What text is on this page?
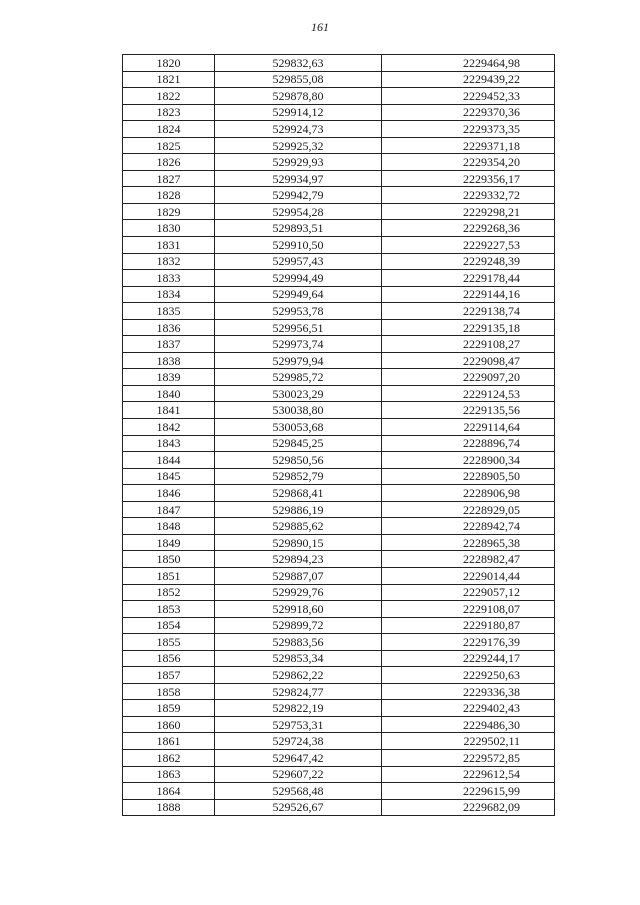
161
1820	529832,63	2229464,98
1821	529855,08	2229439,22
1822	529878,80	2229452,33
1823	529914,12	2229370,36
1824	529924,73	2229373,35
1825	529925,32	2229371,18
1826	529929,93	2229354,20
1827	529934,97	2229356,17
1828	529942,79	2229332,72
1829	529954,28	2229298,21
1830	529893,51	2229268,36
1831	529910,50	2229227,53
1832	529957,43	2229248,39
1833	529994,49	2229178,44
1834	529949,64	2229144,16
1835	529953,78	2229138,74
1836	529956,51	2229135,18
1837	529973,74	2229108,27
1838	529979,94	2229098,47
1839	529985,72	2229097,20
1840	530023,29	2229124,53
1841	530038,80	2229135,56
1842	530053,68	2229114,64
1843	529845,25	2228896,74
1844	529850,56	2228900,34
1845	529852,79	2228905,50
1846	529868,41	2228906,98
1847	529886,19	2228929,05
1848	529885,62	2228942,74
1849	529890,15	2228965,38
1850	529894,23	2228982,47
1851	529887,07	2229014,44
1852	529929,76	2229057,12
1853	529918,60	2229108,07
1854	529899,72	2229180,87
1855	529883,56	2229176,39
1856	529853,34	2229244,17
1857	529862,22	2229250,63
1858	529824,77	2229336,38
1859	529822,19	2229402,43
1860	529753,31	2229486,30
1861	529724,38	2229502,11
1862	529647,42	2229572,85
1863	529607,22	2229612,54
1864	529568,48	2229615,99
1888	529526,67	2229682,09
